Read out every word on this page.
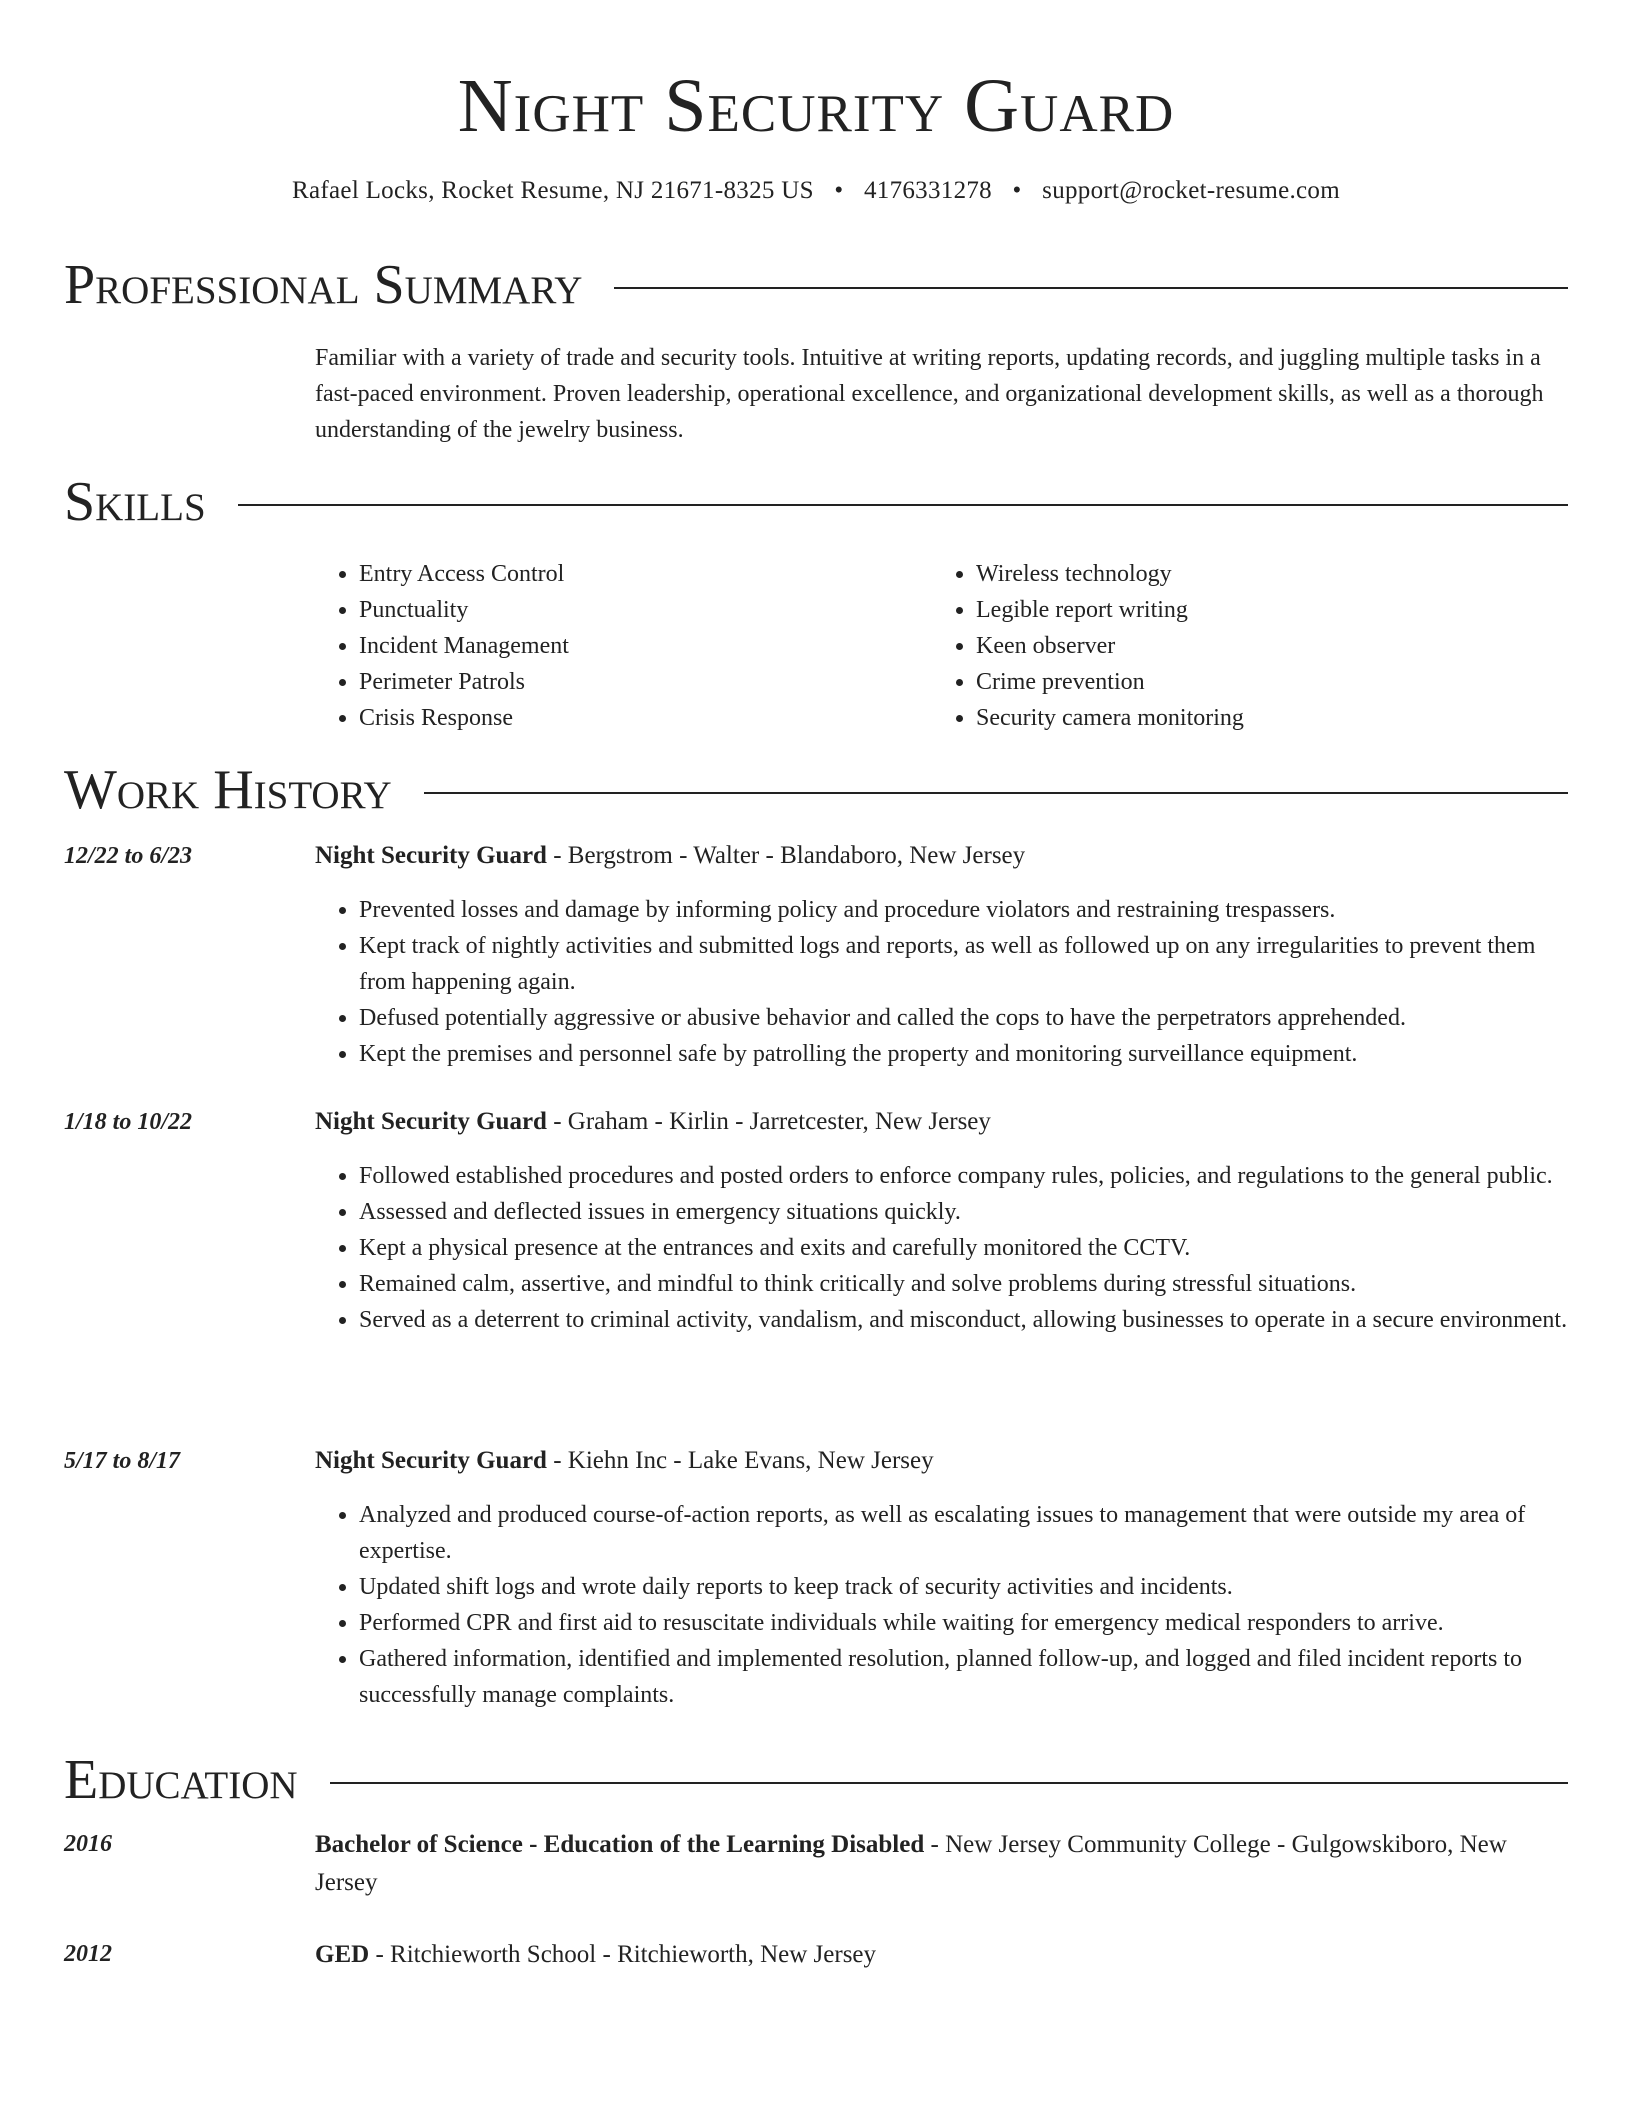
Night Security Guard
Rafael Locks, Rocket Resume, NJ 21671-8325 US • 4176331278 • support@rocket-resume.com
Professional Summary
Familiar with a variety of trade and security tools. Intuitive at writing reports, updating records, and juggling multiple tasks in a fast-paced environment. Proven leadership, operational excellence, and organizational development skills, as well as a thorough understanding of the jewelry business.
Skills
• Entry Access Control
• Punctuality
• Incident Management
• Perimeter Patrols
• Crisis Response
• Wireless technology
• Legible report writing
• Keen observer
• Crime prevention
• Security camera monitoring
Work History
12/22 to 6/23	Night Security Guard - Bergstrom - Walter - Blandaboro, New Jersey
• Prevented losses and damage by informing policy and procedure violators and restraining trespassers.
• Kept track of nightly activities and submitted logs and reports, as well as followed up on any irregularities to prevent them from happening again.
• Defused potentially aggressive or abusive behavior and called the cops to have the perpetrators apprehended.
• Kept the premises and personnel safe by patrolling the property and monitoring surveillance equipment.
1/18 to 10/22	Night Security Guard - Graham - Kirlin - Jarretcester, New Jersey
• Followed established procedures and posted orders to enforce company rules, policies, and regulations to the general public.
• Assessed and deflected issues in emergency situations quickly.
• Kept a physical presence at the entrances and exits and carefully monitored the CCTV.
• Remained calm, assertive, and mindful to think critically and solve problems during stressful situations.
• Served as a deterrent to criminal activity, vandalism, and misconduct, allowing businesses to operate in a secure environment.
5/17 to 8/17	Night Security Guard - Kiehn Inc - Lake Evans, New Jersey
• Analyzed and produced course-of-action reports, as well as escalating issues to management that were outside my area of expertise.
• Updated shift logs and wrote daily reports to keep track of security activities and incidents.
• Performed CPR and first aid to resuscitate individuals while waiting for emergency medical responders to arrive.
• Gathered information, identified and implemented resolution, planned follow-up, and logged and filed incident reports to successfully manage complaints.
Education
2016	Bachelor of Science - Education of the Learning Disabled - New Jersey Community College - Gulgowskiboro, New Jersey
2012	GED - Ritchieworth School - Ritchieworth, New Jersey
